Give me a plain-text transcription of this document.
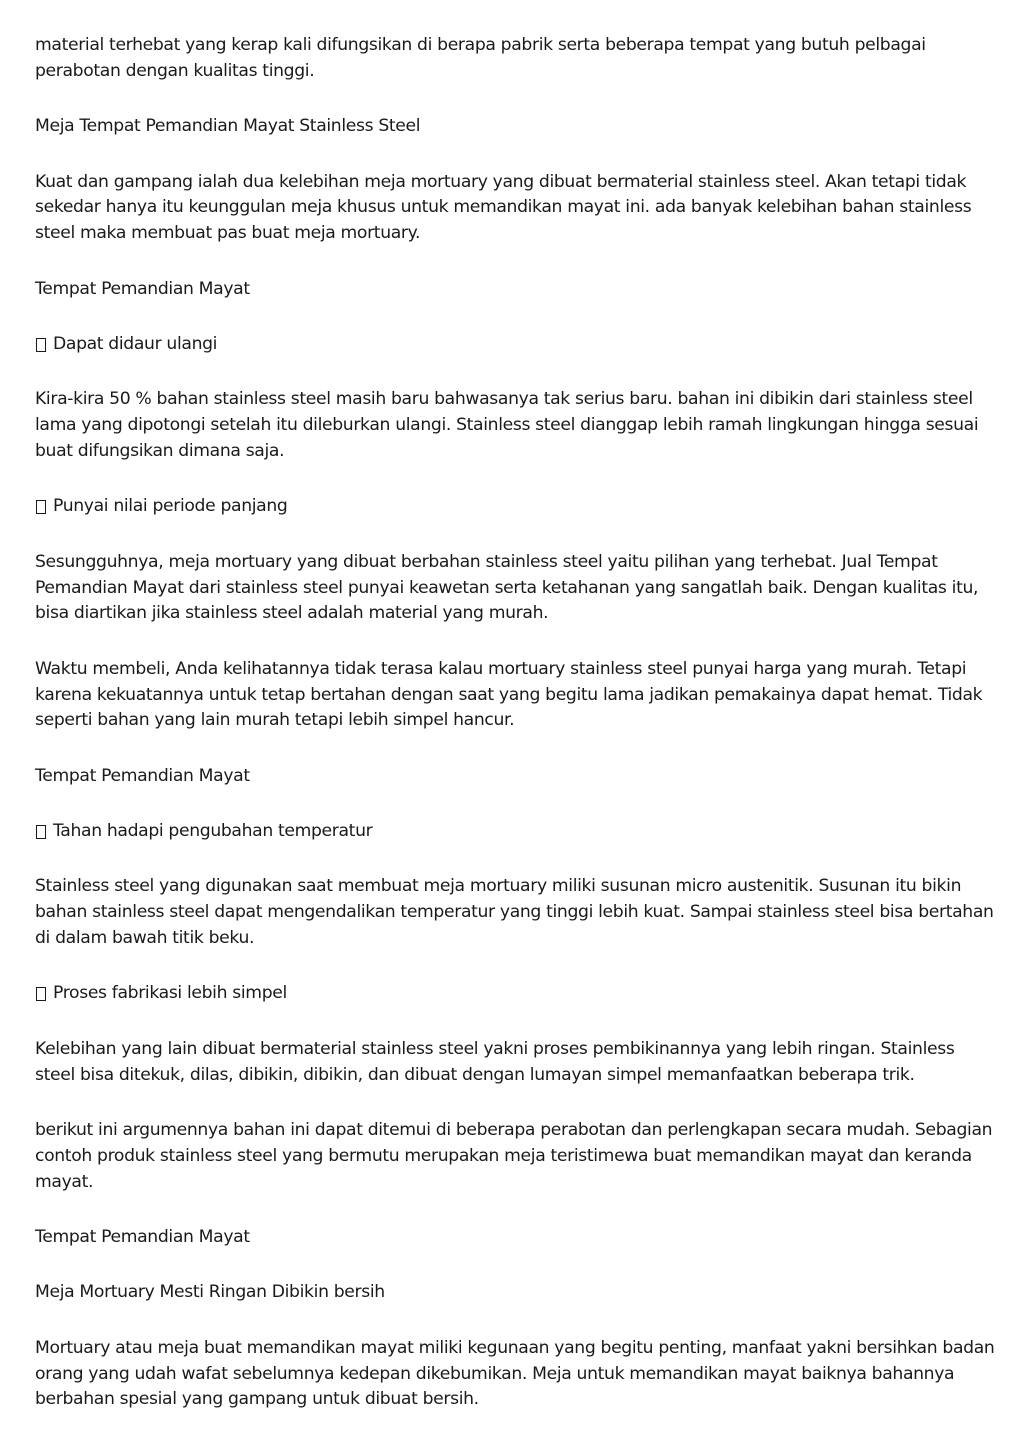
material terhebat yang kerap kali difungsikan di berapa pabrik serta beberapa tempat yang butuh pelbagai perabotan dengan kualitas tinggi.

Meja Tempat Pemandian Mayat Stainless Steel

Kuat dan gampang ialah dua kelebihan meja mortuary yang dibuat bermaterial stainless steel. Akan tetapi tidak sekedar hanya itu keunggulan meja khusus untuk memandikan mayat ini. ada banyak kelebihan bahan stainless steel maka membuat pas buat meja mortuary.

Tempat Pemandian Mayat

Dapat didaur ulangi

Kira-kira 50 % bahan stainless steel masih baru bahwasanya tak serius baru. bahan ini dibikin dari stainless steel lama yang dipotongi setelah itu dileburkan ulangi. Stainless steel dianggap lebih ramah lingkungan hingga sesuai buat difungsikan dimana saja.

Punyai nilai periode panjang

Sesungguhnya, meja mortuary yang dibuat berbahan stainless steel yaitu pilihan yang terhebat. Jual Tempat Pemandian Mayat dari stainless steel punyai keawetan serta ketahanan yang sangatlah baik. Dengan kualitas itu, bisa diartikan jika stainless steel adalah material yang murah.

Waktu membeli, Anda kelihatannya tidak terasa kalau mortuary stainless steel punyai harga yang murah. Tetapi karena kekuatannya untuk tetap bertahan dengan saat yang begitu lama jadikan pemakainya dapat hemat. Tidak seperti bahan yang lain murah tetapi lebih simpel hancur.

Tempat Pemandian Mayat

Tahan hadapi pengubahan temperatur

Stainless steel yang digunakan saat membuat meja mortuary miliki susunan micro austenitik. Susunan itu bikin bahan stainless steel dapat mengendalikan temperatur yang tinggi lebih kuat. Sampai stainless steel bisa bertahan di dalam bawah titik beku.

Proses fabrikasi lebih simpel

Kelebihan yang lain dibuat bermaterial stainless steel yakni proses pembikinannya yang lebih ringan. Stainless steel bisa ditekuk, dilas, dibikin, dibikin, dan dibuat dengan lumayan simpel memanfaatkan beberapa trik.

berikut ini argumennya bahan ini dapat ditemui di beberapa perabotan dan perlengkapan secara mudah. Sebagian contoh produk stainless steel yang bermutu merupakan meja teristimewa buat memandikan mayat dan keranda mayat.

Tempat Pemandian Mayat

Meja Mortuary Mesti Ringan Dibikin bersih

Mortuary atau meja buat memandikan mayat miliki kegunaan yang begitu penting, manfaat yakni bersihkan badan orang yang udah wafat sebelumnya kedepan dikebumikan. Meja untuk memandikan mayat baiknya bahannya berbahan spesial yang gampang untuk dibuat bersih.
